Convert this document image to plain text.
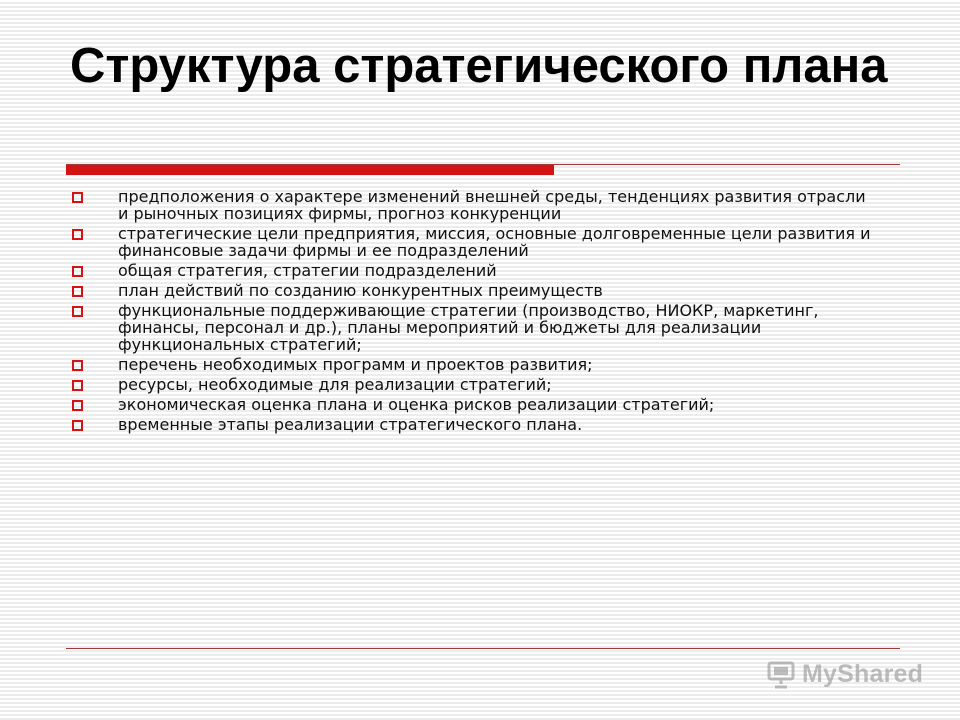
Структура стратегического плана
предположения о характере изменений внешней среды, тенденциях развития отрасли и рыночных позициях фирмы, прогноз конкуренции
стратегические цели предприятия, миссия, основные долговременные цели развития и финансовые задачи фирмы и ее подразделений
общая стратегия, стратегии подразделений
план действий по созданию конкурентных преимуществ
функциональные поддерживающие стратегии (производство, НИОКР, маркетинг, финансы, персонал и др.), планы мероприятий и бюджеты для реализации функциональных стратегий;
перечень необходимых программ и проектов развития;
ресурсы, необходимые для реализации стратегий;
экономическая оценка плана и оценка рисков реализации стратегий;
временные этапы реализации стратегического плана.
MyShared
